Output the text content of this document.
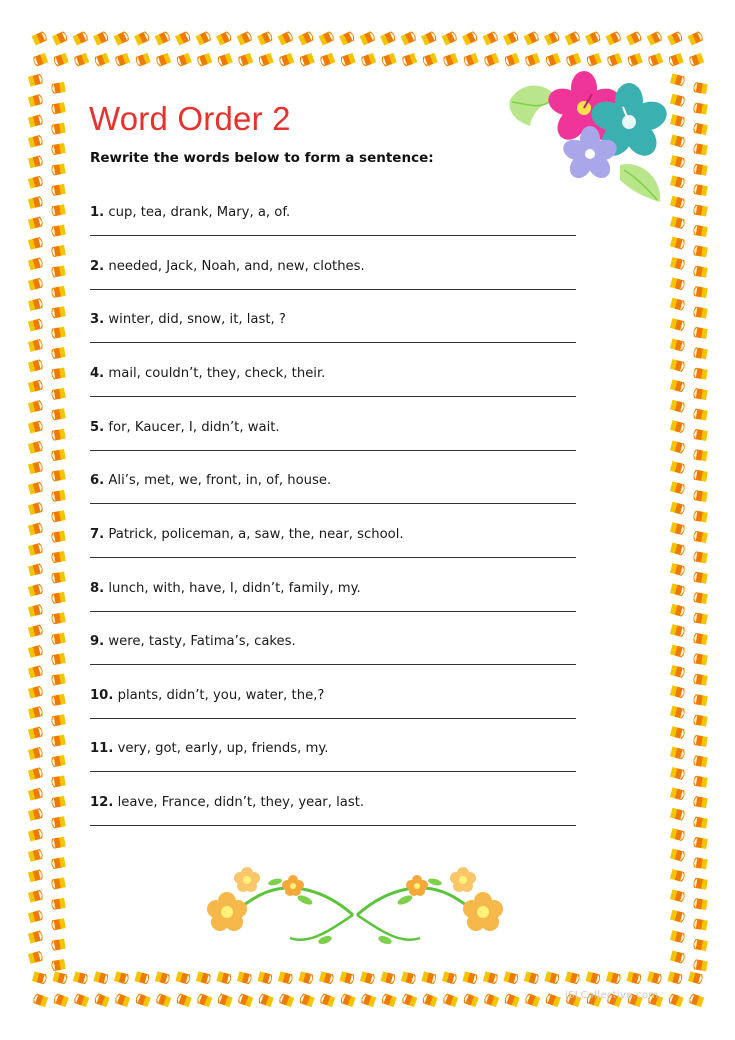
Word Order 2

Rewrite the words below to form a sentence:

1. cup, tea, drank, Mary, a, of.
2. needed, Jack, Noah, and, new, clothes.
3. winter, did, snow, it, last, ?
4. mail, couldn’t, they, check, their.
5. for, Kaucer, I, didn’t, wait.
6. Ali’s, met, we, front, in, of, house.
7. Patrick, policeman, a, saw, the, near, school.
8. lunch, with, have, I, didn’t, family, my.
9. were, tasty, Fatima’s, cakes.
10. plants, didn’t, you, water, the,?
11. very, got, early, up, friends, my.
12. leave, France, didn’t, they, year, last.
iSLCollective.com
